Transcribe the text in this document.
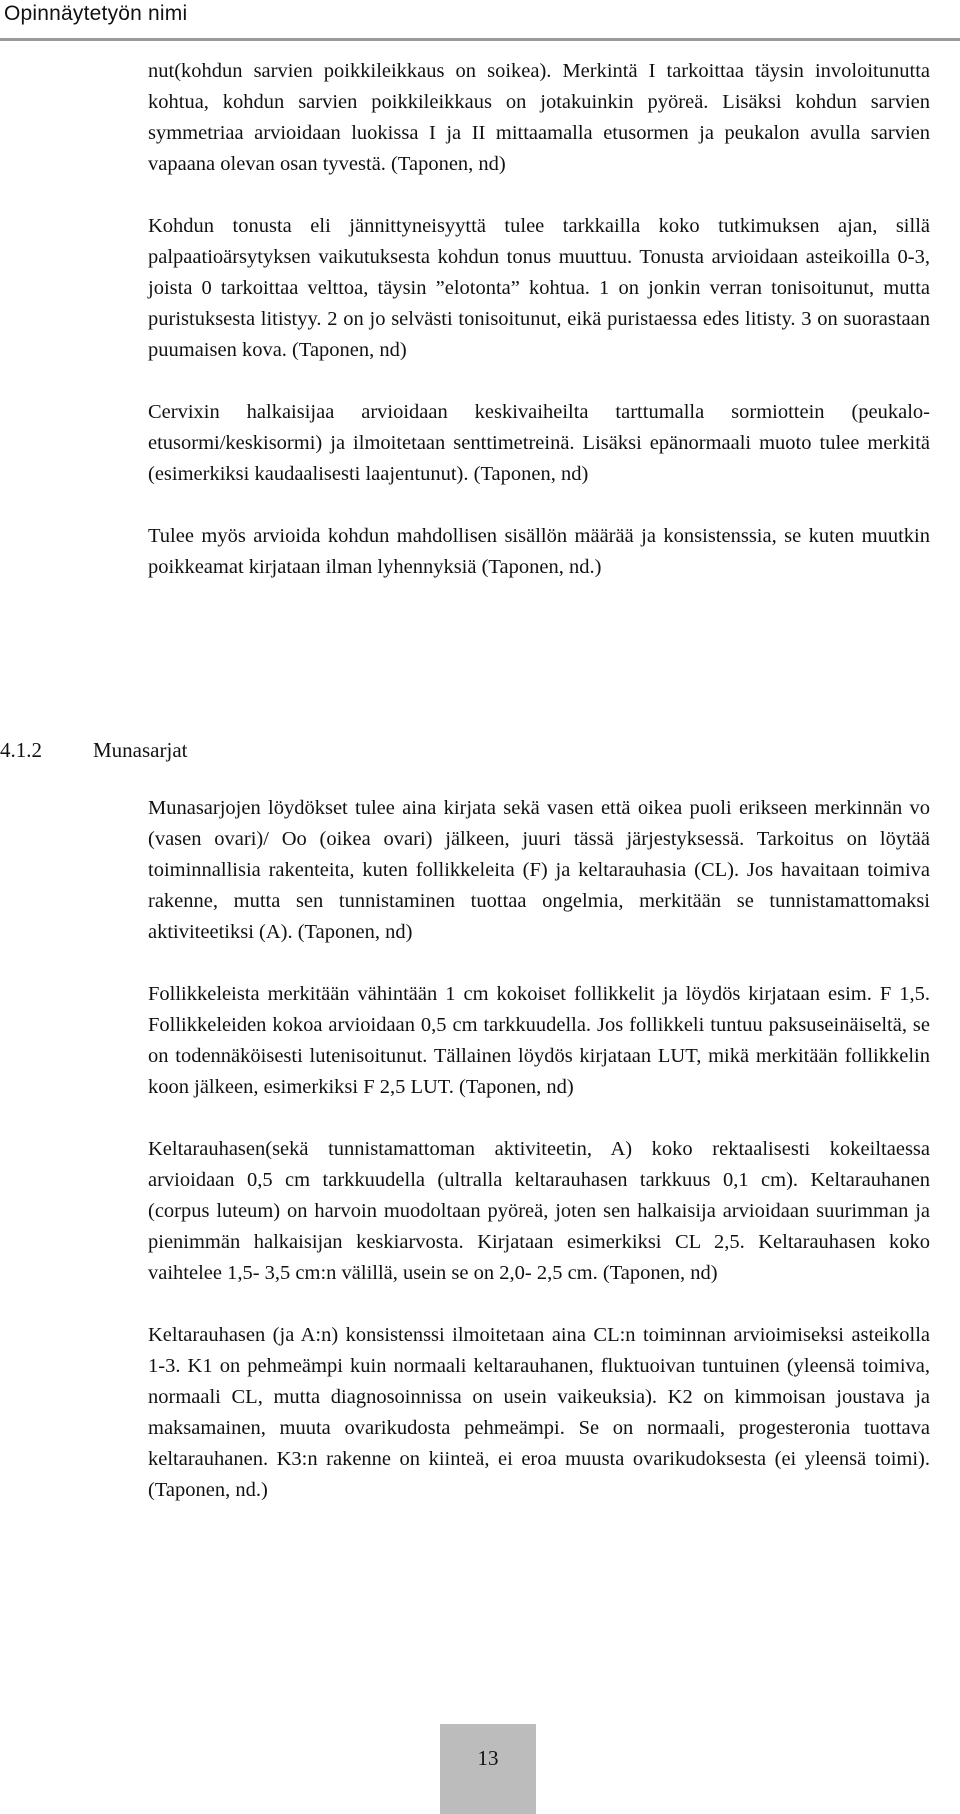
Opinnäytetyön nimi

nut(kohdun sarvien poikkileikkaus on soikea). Merkintä I tarkoittaa täysin involoitunutta kohtua, kohdun sarvien poikkileikkaus on jotakuinkin pyöreä. Lisäksi kohdun sarvien symmetriaa arvioidaan luokissa I ja II mittaamalla etusormen ja peukalon avulla sarvien vapaana olevan osan tyvestä. (Taponen, nd)

Kohdun tonusta eli jännittyneisyyttä tulee tarkkailla koko tutkimuksen ajan, sillä palpaatioärsytyksen vaikutuksesta kohdun tonus muuttuu. Tonusta arvioidaan asteikoilla 0-3, joista 0 tarkoittaa velttoa, täysin ”elotonta” kohtua. 1 on jonkin verran tonisoitunut, mutta puristuksesta litistyy. 2 on jo selvästi tonisoitunut, eikä puristaessa edes litisty. 3 on suorastaan puumaisen kova. (Taponen, nd)

Cervixin halkaisijaa arvioidaan keskivaiheilta tarttumalla sormiottein (peukalo- etusormi/keskisormi) ja ilmoitetaan senttimetreinä. Lisäksi epänormaali muoto tulee merkitä (esimerkiksi kaudaalisesti laajentunut). (Taponen, nd)

Tulee myös arvioida kohdun mahdollisen sisällön määrää ja konsistenssia, se kuten muutkin poikkeamat kirjataan ilman lyhennyksiä (Taponen, nd.)

4.1.2 Munasarjat

Munasarjojen löydökset tulee aina kirjata sekä vasen että oikea puoli erikseen merkinnän vo (vasen ovari)/ Oo (oikea ovari) jälkeen, juuri tässä järjestyksessä. Tarkoitus on löytää toiminnallisia rakenteita, kuten follikkeleita (F) ja keltarauhasia (CL). Jos havaitaan toimiva rakenne, mutta sen tunnistaminen tuottaa ongelmia, merkitään se tunnistamattomaksi aktiviteetiksi (A). (Taponen, nd)

Follikkeleista merkitään vähintään 1 cm kokoiset follikkelit ja löydös kirjataan esim. F 1,5. Follikkeleiden kokoa arvioidaan 0,5 cm tarkkuudella. Jos follikkeli tuntuu paksuseinäiseltä, se on todennäköisesti lutenisoitunut. Tällainen löydös kirjataan LUT, mikä merkitään follikkelin koon jälkeen, esimerkiksi F 2,5 LUT. (Taponen, nd)

Keltarauhasen(sekä tunnistamattoman aktiviteetin, A) koko rektaalisesti kokeiltaessa arvioidaan 0,5 cm tarkkuudella (ultralla keltarauhasen tarkkuus 0,1 cm). Keltarauhanen (corpus luteum) on harvoin muodoltaan pyöreä, joten sen halkaisija arvioidaan suurimman ja pienimmän halkaisijan keskiarvosta. Kirjataan esimerkiksi CL 2,5. Keltarauhasen koko vaihtelee 1,5- 3,5 cm:n välillä, usein se on 2,0- 2,5 cm. (Taponen, nd)

Keltarauhasen (ja A:n) konsistenssi ilmoitetaan aina CL:n toiminnan arvioimiseksi asteikolla 1-3. K1 on pehmeämpi kuin normaali keltarauhanen, fluktuoivan tuntuinen (yleensä toimiva, normaali CL, mutta diagnosoinnissa on usein vaikeuksia). K2 on kimmoisan joustava ja maksamainen, muuta ovarikudosta pehmeämpi. Se on normaali, progesteronia tuottava keltarauhanen. K3:n rakenne on kiinteä, ei eroa muusta ovarikudoksesta (ei yleensä toimi). (Taponen, nd.)

13
